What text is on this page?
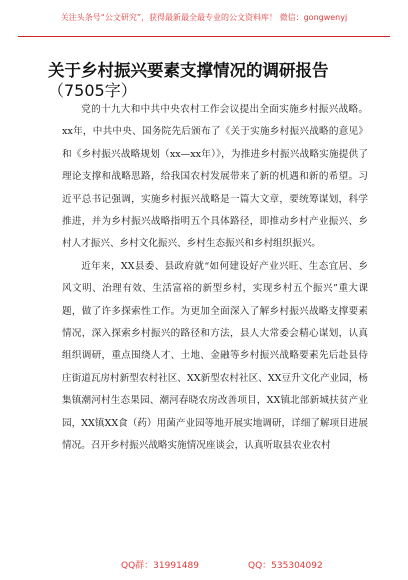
关注头条号“公文研究”，获得最新最全最专业的公文资料库！ 微信：gongwenyj
关于乡村振兴要素支撑情况的调研报告
（7505字）

党的十九大和中共中央农村工作会议提出全面实施乡村振兴战略。xx年，中共中央、国务院先后颁布了《关于实施乡村振兴战略的意见》和《乡村振兴战略规划（xx—xx年）》，为推进乡村振兴战略实施提供了理论支撑和战略思路，给我国农村发展带来了新的机遇和新的希望。习近平总书记强调，实施乡村振兴战略是一篇大文章，要统筹谋划，科学推进，并为乡村振兴战略指明五个具体路径，即推动乡村产业振兴、乡村人才振兴、乡村文化振兴、乡村生态振兴和乡村组织振兴。

近年来，XX县委、县政府就“如何建设好产业兴旺、生态宜居、乡风文明、治理有效、生活富裕的新型乡村，实现乡村五个振兴”重大课题，做了许多探索性工作。为更加全面深入了解乡村振兴战略支撑要素情况，深入探索乡村振兴的路径和方法，县人大常委会精心谋划，认真组织调研，重点围绕人才、土地、金融等乡村振兴战略要素先后赴县侍庄街道瓦房村新型农村社区、XX新型农村社区、XX豆升文化产业园，杨集镇潮河村生态果园、潮河春晓农房改善项目，XX镇北部新城扶贫产业园，XX镇XX食（药）用菌产业园等地开展实地调研，详细了解项目进展情况。召开乡村振兴战略实施情况座谈会，认真听取县农业农村

QQ群：31991489	QQ：535304092
